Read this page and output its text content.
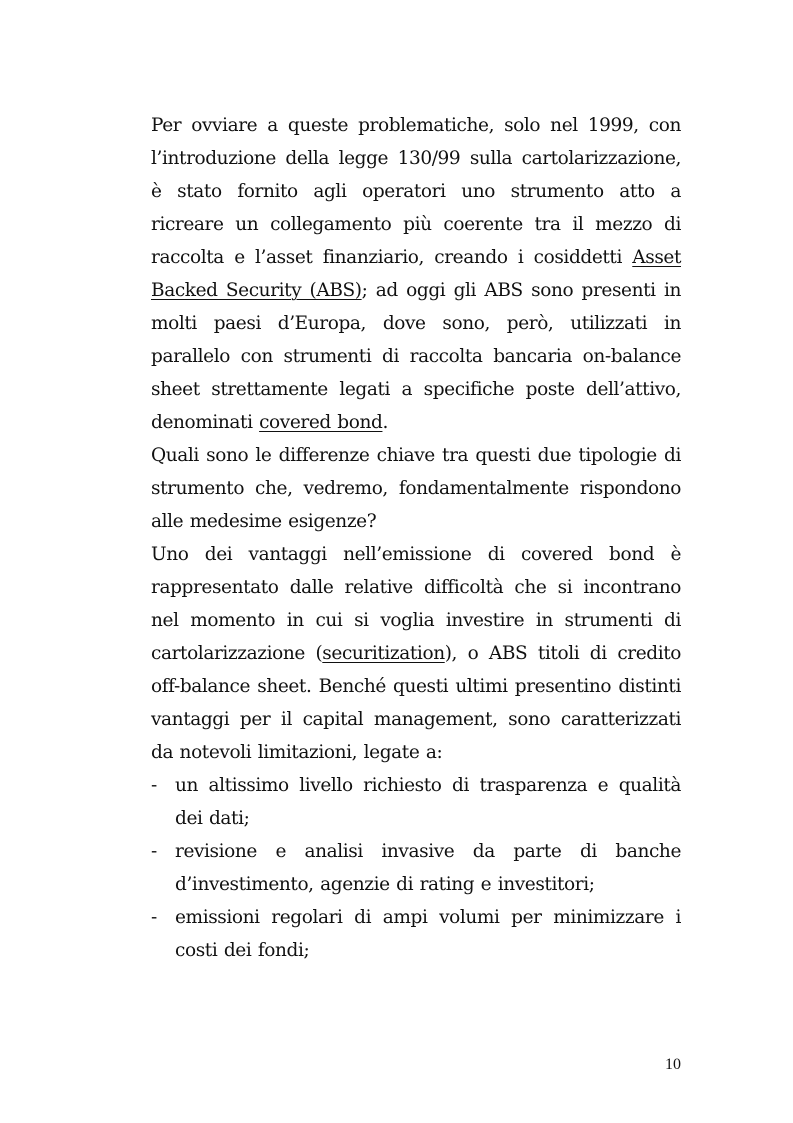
Per ovviare a queste problematiche, solo nel 1999, con l’introduzione della legge 130/99 sulla cartolarizzazione, è stato fornito agli operatori uno strumento atto a ricreare un collegamento più coerente tra il mezzo di raccolta e l’asset finanziario, creando i cosiddetti Asset Backed Security (ABS); ad oggi gli ABS sono presenti in molti paesi d’Europa, dove sono, però, utilizzati in parallelo con strumenti di raccolta bancaria on-balance sheet strettamente legati a specifiche poste dell’attivo, denominati covered bond.

Quali sono le differenze chiave tra questi due tipologie di strumento che, vedremo, fondamentalmente rispondono alle medesime esigenze?

Uno dei vantaggi nell’emissione di covered bond è rappresentato dalle relative difficoltà che si incontrano nel momento in cui si voglia investire in strumenti di cartolarizzazione (securitization), o ABS titoli di credito off-balance sheet. Benché questi ultimi presentino distinti vantaggi per il capital management, sono caratterizzati da notevoli limitazioni, legate a:

- un altissimo livello richiesto di trasparenza e qualità dei dati;
- revisione e analisi invasive da parte di banche d’investimento, agenzie di rating e investitori;
- emissioni regolari di ampi volumi per minimizzare i costi dei fondi;
10
